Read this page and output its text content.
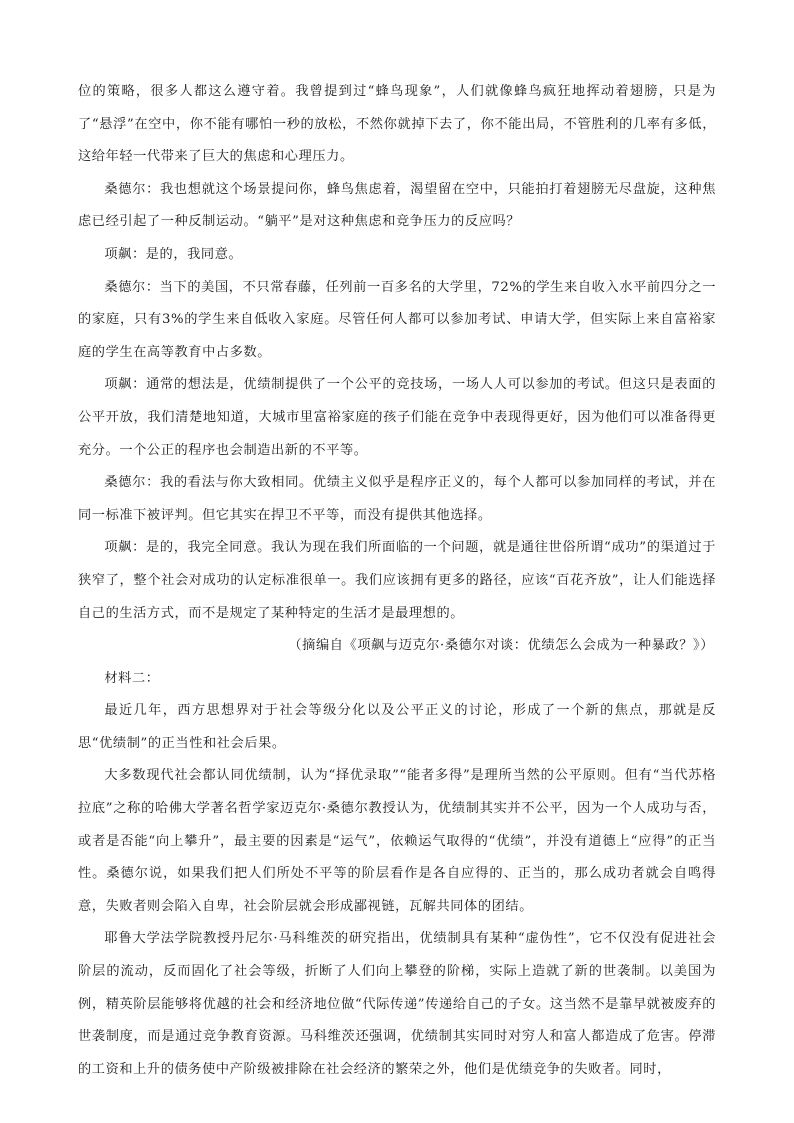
位的策略，很多人都这么遵守着。我曾提到过“蜂鸟现象”，人们就像蜂鸟疯狂地挥动着翅膀，只是为了“悬浮”在空中，你不能有哪怕一秒的放松，不然你就掉下去了，你不能出局，不管胜利的几率有多低，这给年轻一代带来了巨大的焦虑和心理压力。

桑德尔：我也想就这个场景提问你，蜂鸟焦虑着，渴望留在空中，只能拍打着翅膀无尽盘旋，这种焦虑已经引起了一种反制运动。“躺平”是对这种焦虑和竞争压力的反应吗？

项飙：是的，我同意。

桑德尔：当下的美国，不只常春藤，任列前一百多名的大学里，72%的学生来自收入水平前四分之一的家庭，只有3%的学生来自低收入家庭。尽管任何人都可以参加考试、申请大学，但实际上来自富裕家庭的学生在高等教育中占多数。

项飙：通常的想法是，优绩制提供了一个公平的竞技场，一场人人可以参加的考试。但这只是表面的公平开放，我们清楚地知道，大城市里富裕家庭的孩子们能在竞争中表现得更好，因为他们可以准备得更充分。一个公正的程序也会制造出新的不平等。

桑德尔：我的看法与你大致相同。优绩主义似乎是程序正义的，每个人都可以参加同样的考试，并在同一标准下被评判。但它其实在捍卫不平等，而没有提供其他选择。

项飙：是的，我完全同意。我认为现在我们所面临的一个问题，就是通往世俗所谓“成功”的渠道过于狭窄了，整个社会对成功的认定标准很单一。我们应该拥有更多的路径，应该“百花齐放”，让人们能选择自己的生活方式，而不是规定了某种特定的生活才是最理想的。

（摘编自《项飙与迈克尔·桑德尔对谈：优绩怎么会成为一种暴政？》）

材料二：

最近几年，西方思想界对于社会等级分化以及公平正义的讨论，形成了一个新的焦点，那就是反思“优绩制”的正当性和社会后果。

大多数现代社会都认同优绩制，认为“择优录取”“能者多得”是理所当然的公平原则。但有“当代苏格拉底”之称的哈佛大学著名哲学家迈克尔·桑德尔教授认为，优绩制其实并不公平，因为一个人成功与否，或者是否能“向上攀升”，最主要的因素是“运气”，依赖运气取得的“优绩”，并没有道德上“应得”的正当性。桑德尔说，如果我们把人们所处不平等的阶层看作是各自应得的、正当的，那么成功者就会自鸣得意，失败者则会陷入自卑，社会阶层就会形成鄙视链，瓦解共同体的团结。

耶鲁大学法学院教授丹尼尔·马科维茨的研究指出，优绩制具有某种“虚伪性”，它不仅没有促进社会阶层的流动，反而固化了社会等级，折断了人们向上攀登的阶梯，实际上造就了新的世袭制。以美国为例，精英阶层能够将优越的社会和经济地位做“代际传递”传递给自己的子女。这当然不是靠早就被废弃的世袭制度，而是通过竞争教育资源。马科维茨还强调，优绩制其实同时对穷人和富人都造成了危害。停滞的工资和上升的债务使中产阶级被排除在社会经济的繁荣之外，他们是优绩竞争的失败者。同时，
